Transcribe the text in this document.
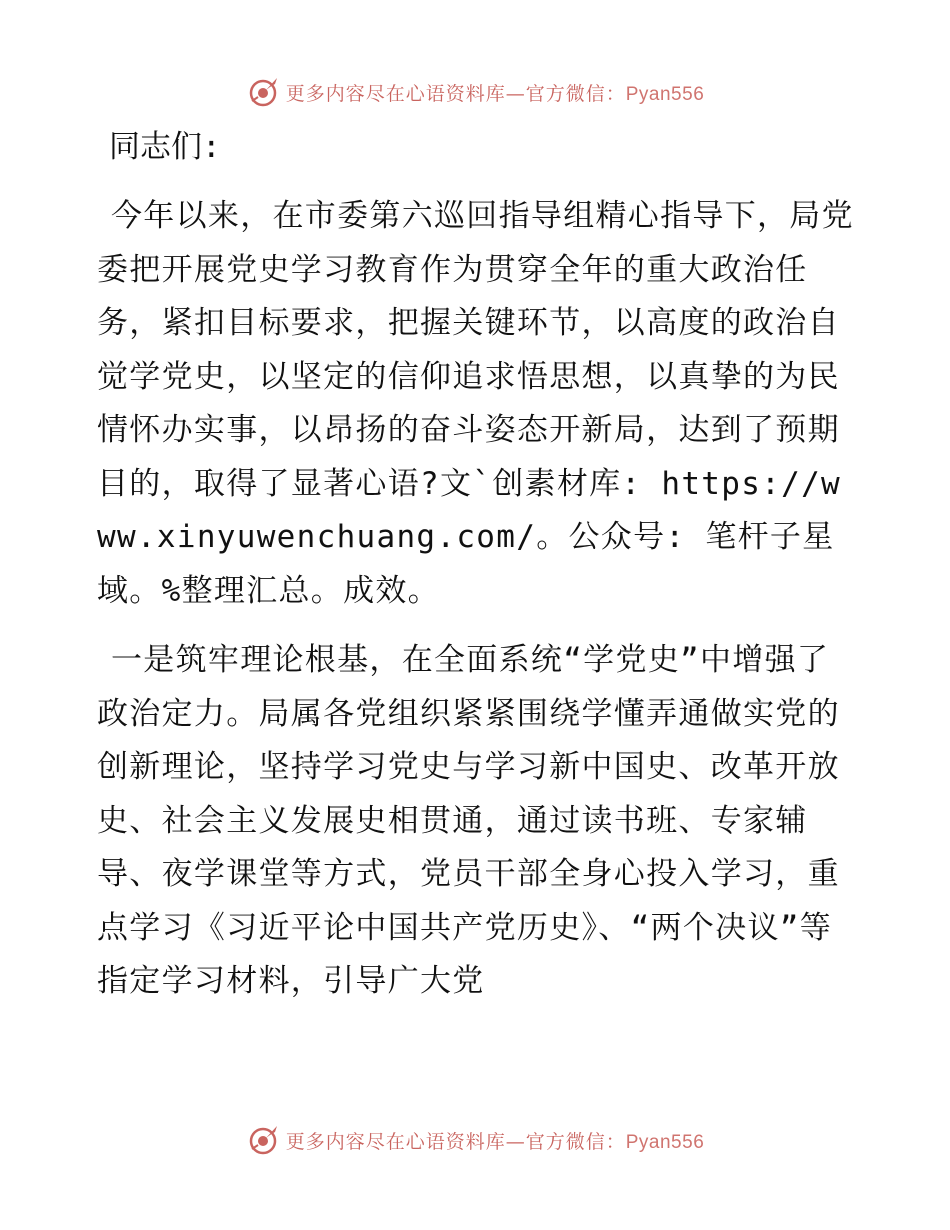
更多内容尽在心语资料库—官方微信：Pyan556
同志们:
今年以来，在市委第六巡回指导组精心指导下，局党委把开展党史学习教育作为贯穿全年的重大政治任务，紧扣目标要求，把握关键环节，以高度的政治自觉学党史，以坚定的信仰追求悟思想，以真挚的为民情怀办实事，以昂扬的奋斗姿态开新局，达到了预期目的，取得了显著心语?文`创素材库: https://www.xinyuwenchuang.com/。公众号: 笔杆子星域。%整理汇总。成效。
一是筑牢理论根基，在全面系统“学党史”中增强了政治定力。局属各党组织紧紧围绕学懂弄通做实党的创新理论，坚持学习党史与学习新中国史、改革开放史、社会主义发展史相贯通，通过读书班、专家辅导、夜学课堂等方式，党员干部全身心投入学习，重点学习《习近平论中国共产党历史》、“两个决议”等指定学习材料，引导广大党
更多内容尽在心语资料库—官方微信：Pyan556
